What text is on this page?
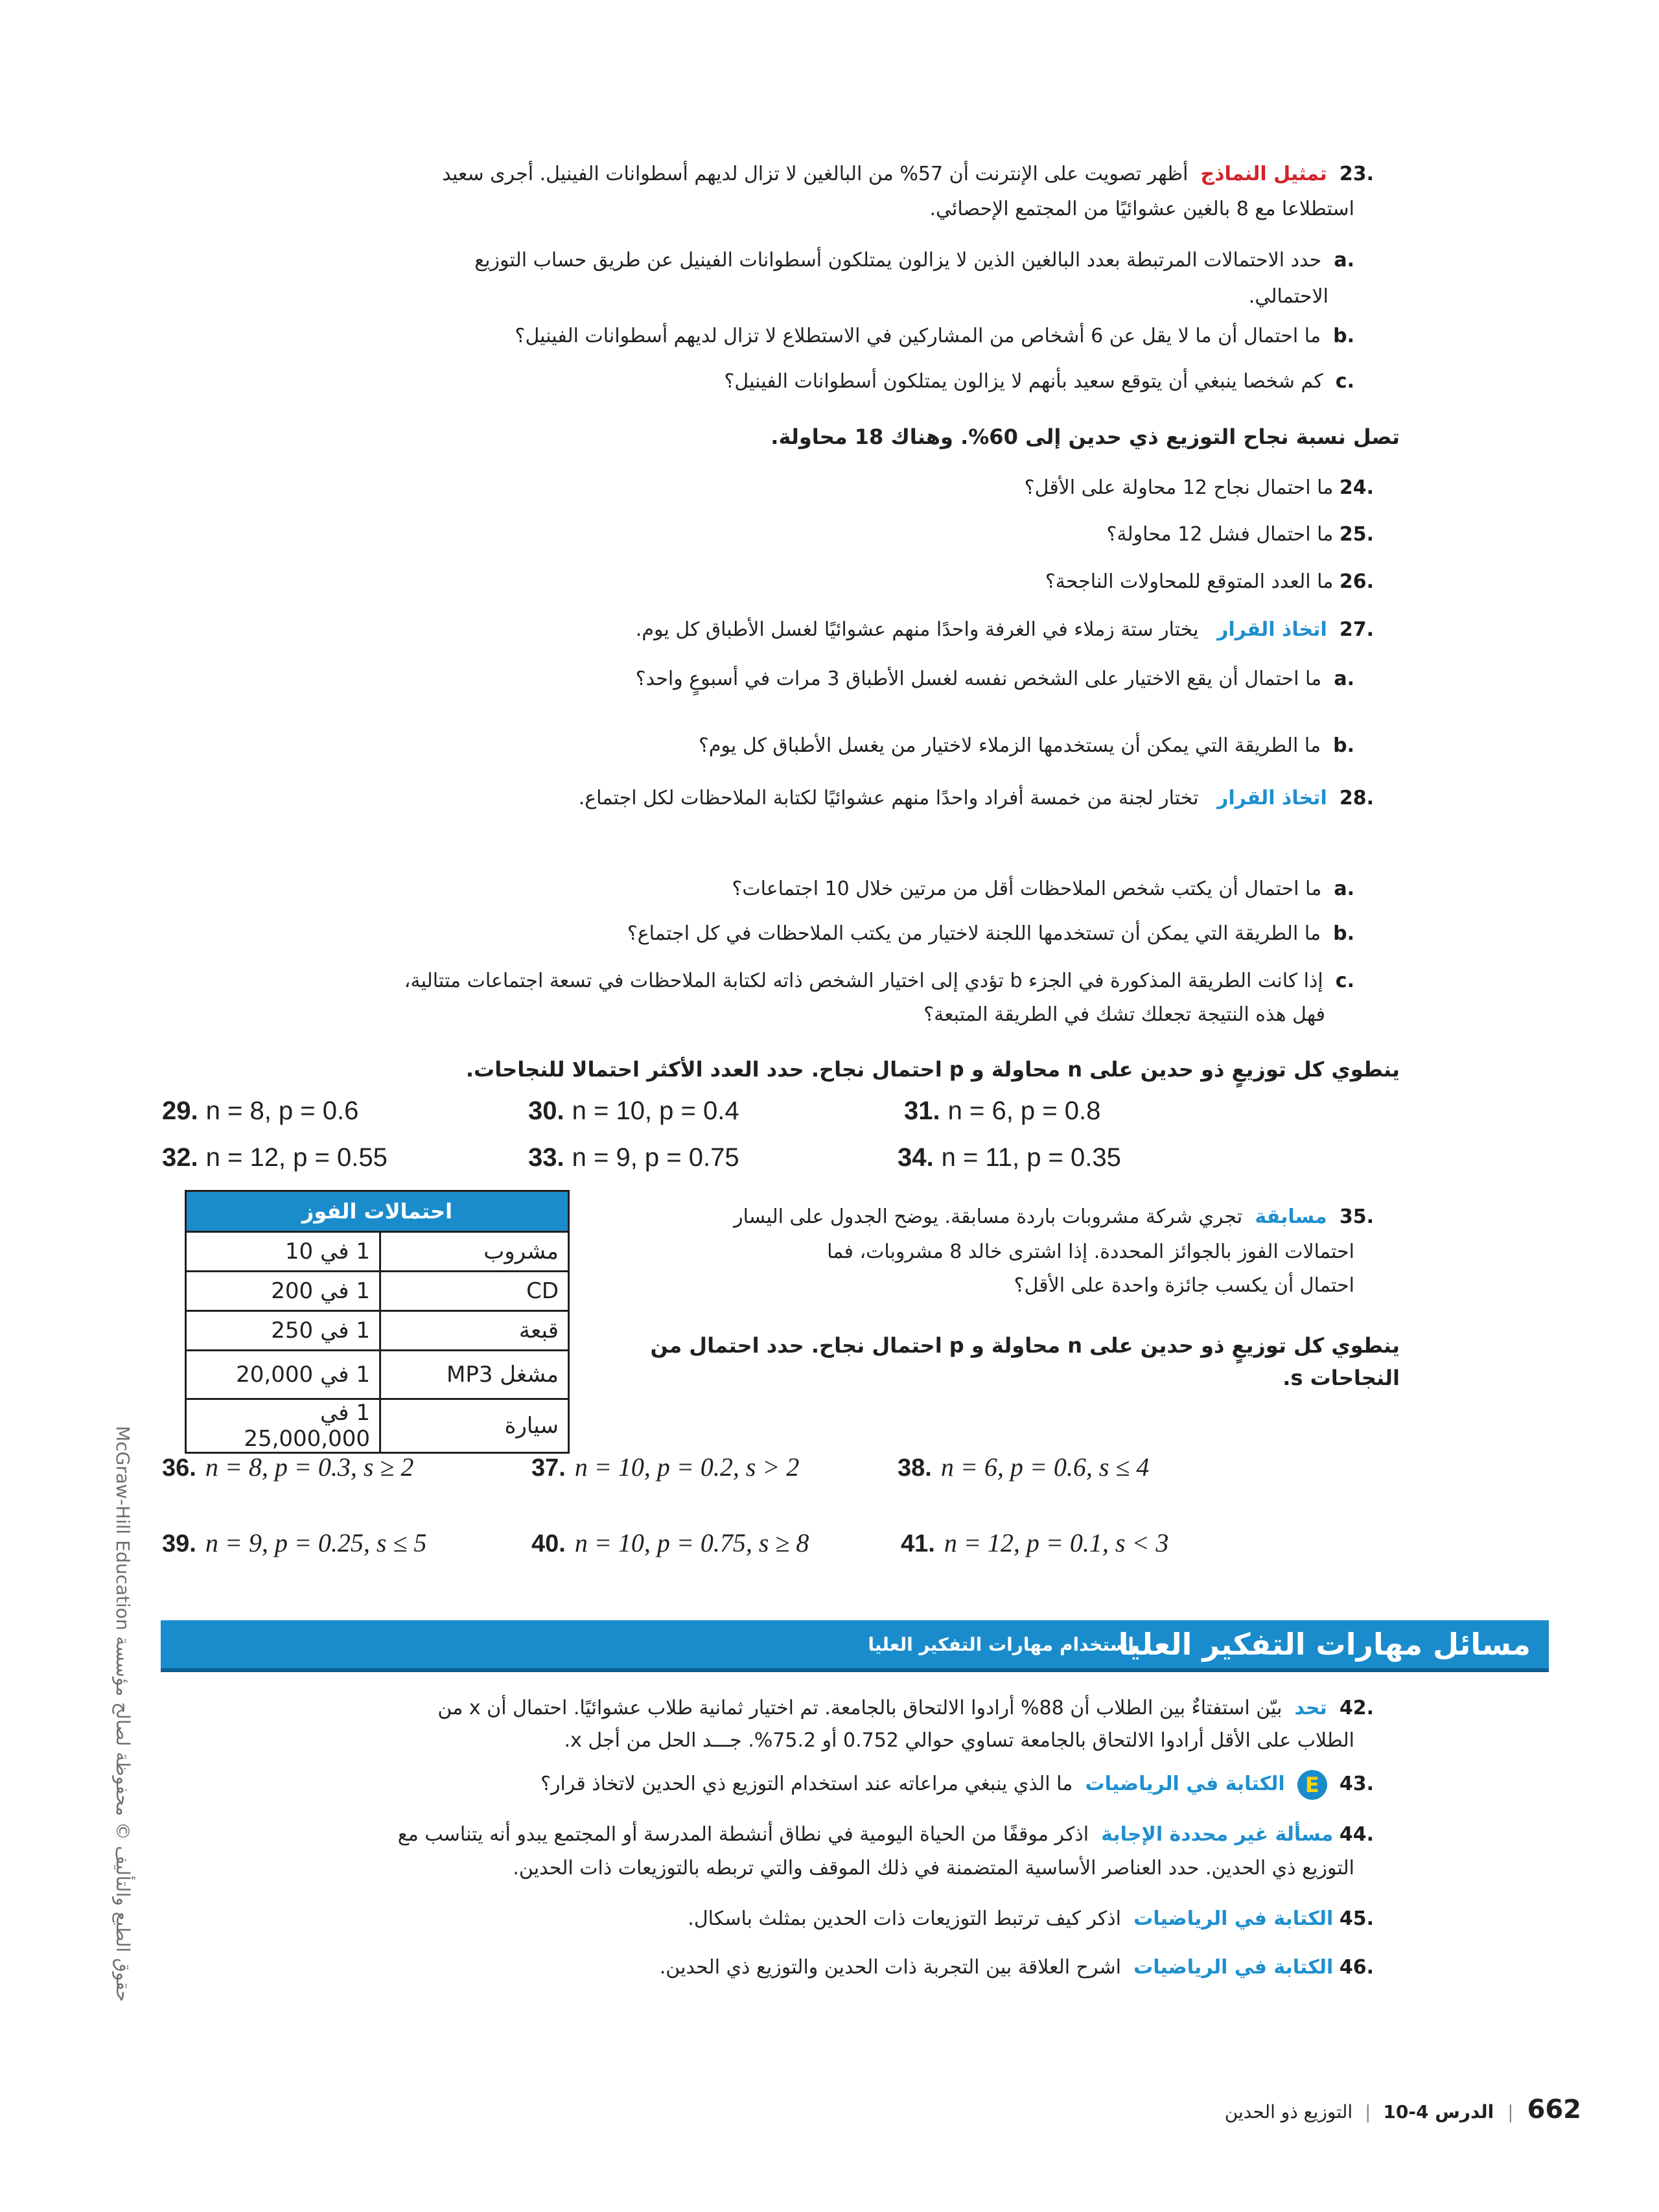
.23  تمثيل النماذج  أظهر تصويت على الإنترنت أن 57% من البالغين لا تزال لديهم أسطوانات الفينيل. أجرى سعيد
استطلاعا مع 8 بالغين عشوائيًا من المجتمع الإحصائي.
.a  حدد الاحتمالات المرتبطة بعدد البالغين الذين لا يزالون يمتلكون أسطوانات الفينيل عن طريق حساب التوزيع
الاحتمالي.
.b  ما احتمال أن ما لا يقل عن 6 أشخاص من المشاركين في الاستطلاع لا تزال لديهم أسطوانات الفينيل؟
.c  كم شخصا ينبغي أن يتوقع سعيد بأنهم لا يزالون يمتلكون أسطوانات الفينيل؟
تصل نسبة نجاح التوزيع ذي حدين إلى 60%. وهناك 18 محاولة.
.24 ما احتمال نجاح 12 محاولة على الأقل؟
.25 ما احتمال فشل 12 محاولة؟
.26 ما العدد المتوقع للمحاولات الناجحة؟
.27  اتخاذ القرار   يختار ستة زملاء في الغرفة واحدًا منهم عشوائيًا لغسل الأطباق كل يوم.
.a  ما احتمال أن يقع الاختيار على الشخص نفسه لغسل الأطباق 3 مرات في أسبوعٍ واحد؟
.b  ما الطريقة التي يمكن أن يستخدمها الزملاء لاختيار من يغسل الأطباق كل يوم؟
.28  اتخاذ القرار   تختار لجنة من خمسة أفراد واحدًا منهم عشوائيًا لكتابة الملاحظات لكل اجتماع.
.a  ما احتمال أن يكتب شخص الملاحظات أقل من مرتين خلال 10 اجتماعات؟
.b  ما الطريقة التي يمكن أن تستخدمها اللجنة لاختيار من يكتب الملاحظات في كل اجتماع؟
.c  إذا كانت الطريقة المذكورة في الجزء b تؤدي إلى اختيار الشخص ذاته لكتابة الملاحظات في تسعة اجتماعات متتالية،
فهل هذه النتيجة تجعلك تشك في الطريقة المتبعة؟
ينطوي كل توزيعٍ ذو حدين على n محاولة و p احتمال نجاح. حدد العدد الأكثر احتمالا للنجاحات.
29. n = 8, p = 0.6	30. n = 10, p = 0.4	31. n = 6, p = 0.8
32. n = 12, p = 0.55	33. n = 9, p = 0.75	34. n = 11, p = 0.35
احتمالات الفوز
مشروب	1 في 10
CD	1 في 200
قبعة	1 في 250
مشغل MP3	1 في 20,000
سيارة	1 في 25,000,000
.35  مسابقة  تجري شركة مشروبات باردة مسابقة. يوضح الجدول على اليسار
احتمالات الفوز بالجوائز المحددة. إذا اشترى خالد 8 مشروبات، فما
احتمال أن يكسب جائزة واحدة على الأقل؟
ينطوي كل توزيعٍ ذو حدين على n محاولة و p احتمال نجاح. حدد احتمال من
النجاحات s.
36. n = 8, p = 0.3, s ≥ 2	37. n = 10, p = 0.2, s > 2	38. n = 6, p = 0.6, s ≤ 4
39. n = 9, p = 0.25, s ≤ 5	40. n = 10, p = 0.75, s ≥ 8	41. n = 12, p = 0.1, s < 3
مسائل مهارات التفكير العليا
استخدام مهارات التفكير العليا
.42  تحد  بيّن استفتاءٌ بين الطلاب أن 88% أرادوا الالتحاق بالجامعة. تم اختيار ثمانية طلاب عشوائيًا. احتمال أن x من
الطلاب على الأقل أرادوا الالتحاق بالجامعة تساوي حوالي 0.752 أو 75.2%. جـــد الحل من أجل x.
.43  E  الكتابة في الرياضيات  ما الذي ينبغي مراعاته عند استخدام التوزيع ذي الحدين لاتخاذ قرار؟
.44 مسألة غير محددة الإجابة  اذكر موقفًا من الحياة اليومية في نطاق أنشطة المدرسة أو المجتمع يبدو أنه يتناسب مع
التوزيع ذي الحدين. حدد العناصر الأساسية المتضمنة في ذلك الموقف والتي تربطه بالتوزيعات ذات الحدين.
.45 الكتابة في الرياضيات  اذكر كيف ترتبط التوزيعات ذات الحدين بمثلث باسكال.
.46 الكتابة في الرياضيات  اشرح العلاقة بين التجربة ذات الحدين والتوزيع ذي الحدين.
McGraw-Hill Education حقوق الطبع والتأليف © محفوظة لصالح مؤسسة
662 | الدرس 4-10 | التوزيع ذو الحدين
